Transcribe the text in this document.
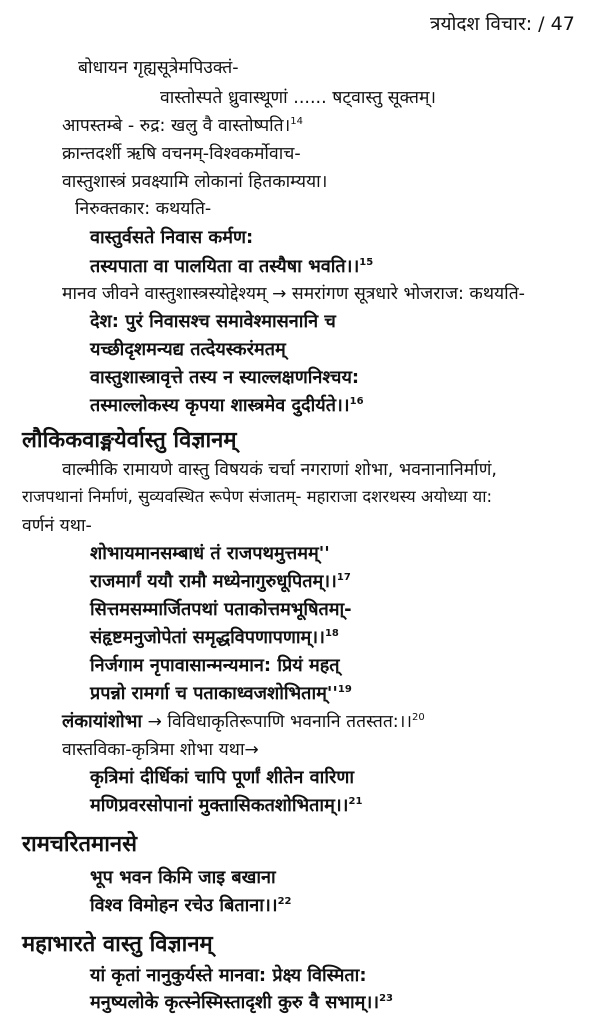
त्रयोदश विचार: / 47
बोधायन गृह्यसूत्रेमपिउक्तं-
वास्तोस्पते ध्रुवास्थूणां ...... षट्वास्तु सूक्तम्।
आपस्तम्बे - रुद्र: खलु वै वास्तोष्पति।$^{14}$
क्रान्तदर्शी ऋषि वचनम्-विश्वकर्मोवाच-
वास्तुशास्त्रं प्रवक्ष्यामि लोकानां हितकाम्यया।
निरुक्तकार: कथयति-
वास्तुर्वसते निवास कर्मण:
तस्यपाता वा पालयिता वा तस्यैषा भवति।।$^{15}$
मानव जीवने वास्तुशास्त्रस्योद्देश्यम् → समरांगण सूत्रधारे भोजराज: कथयति-
देश: पुरं निवासश्च समावेश्मासनानि च
यच्छीदृशमन्यद्य तत्देयस्करंमतम्
वास्तुशास्त्रावृत्ते तस्य न स्याल्लक्षणनिश्चय:
तस्माल्लोकस्य कृपया शास्त्रमेव दुदीर्यते।।$^{16}$
लौकिकवाङ्मयेर्वास्तु विज्ञानम्
वाल्मीकि रामायणे वास्तु विषयकं चर्चा नगराणां शोभा, भवनानानिर्माणं,
राजपथानां निर्माणं, सुव्यवस्थित रूपेण संजातम्- महाराजा दशरथस्य अयोध्या या:
वर्णनं यथा-
शोभायमानसम्बाधं तं राजपथमुत्तमम्''
राजमार्गं ययौ रामौ मध्येनागुरुधूपितम्।।$^{17}$
सित्तमसम्मार्जितपथां पताकोत्तमभूषितमा्-
संहृष्टमनुजोपेतां समृद्धविपणापणाम्।।$^{18}$
निर्जगाम नृपावासान्मन्यमान: प्रियं महत्
प्रपन्नो रामर्गा च $पताकाध्वजशोभिताम्''^{19}$
लंकायांशोभा → विविधाकृतिरूपाणि भवनानि ततस्तत:।।$^{20}$
वास्तविका-कृत्रिमा शोभा यथा→
कृत्रिमां दीर्धिकां चापि पूर्णां शीतेन वारिणा
मणिप्रवरसोपानां मुक्तासिकतशोभिताम्।।$^{21}$
रामचरितमानसे
भूप भवन किमि जाइ बखाना
विश्व विमोहन रचेउ बिताना।।$^{22}$
महाभारते वास्तु विज्ञानम्
यां कृतां नानुकुर्यस्ते मानवा: प्रेक्ष्य विस्मिता:
मनुष्यलोके कृत्स्नेस्मिस्तादृशी कुरु वै सभाम्।।$^{23}$
